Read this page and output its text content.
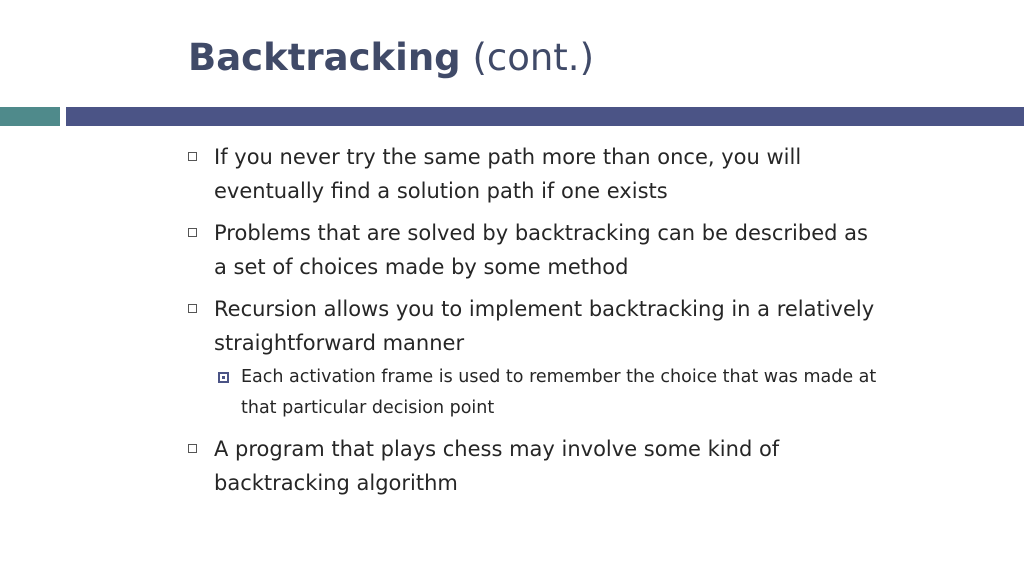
Backtracking (cont.)
If you never try the same path more than once, you will eventually find a solution path if one exists
Problems that are solved by backtracking can be described as a set of choices made by some method
Recursion allows you to implement backtracking in a relatively straightforward manner
Each activation frame is used to remember the choice that was made at that particular decision point
A program that plays chess may involve some kind of backtracking algorithm
